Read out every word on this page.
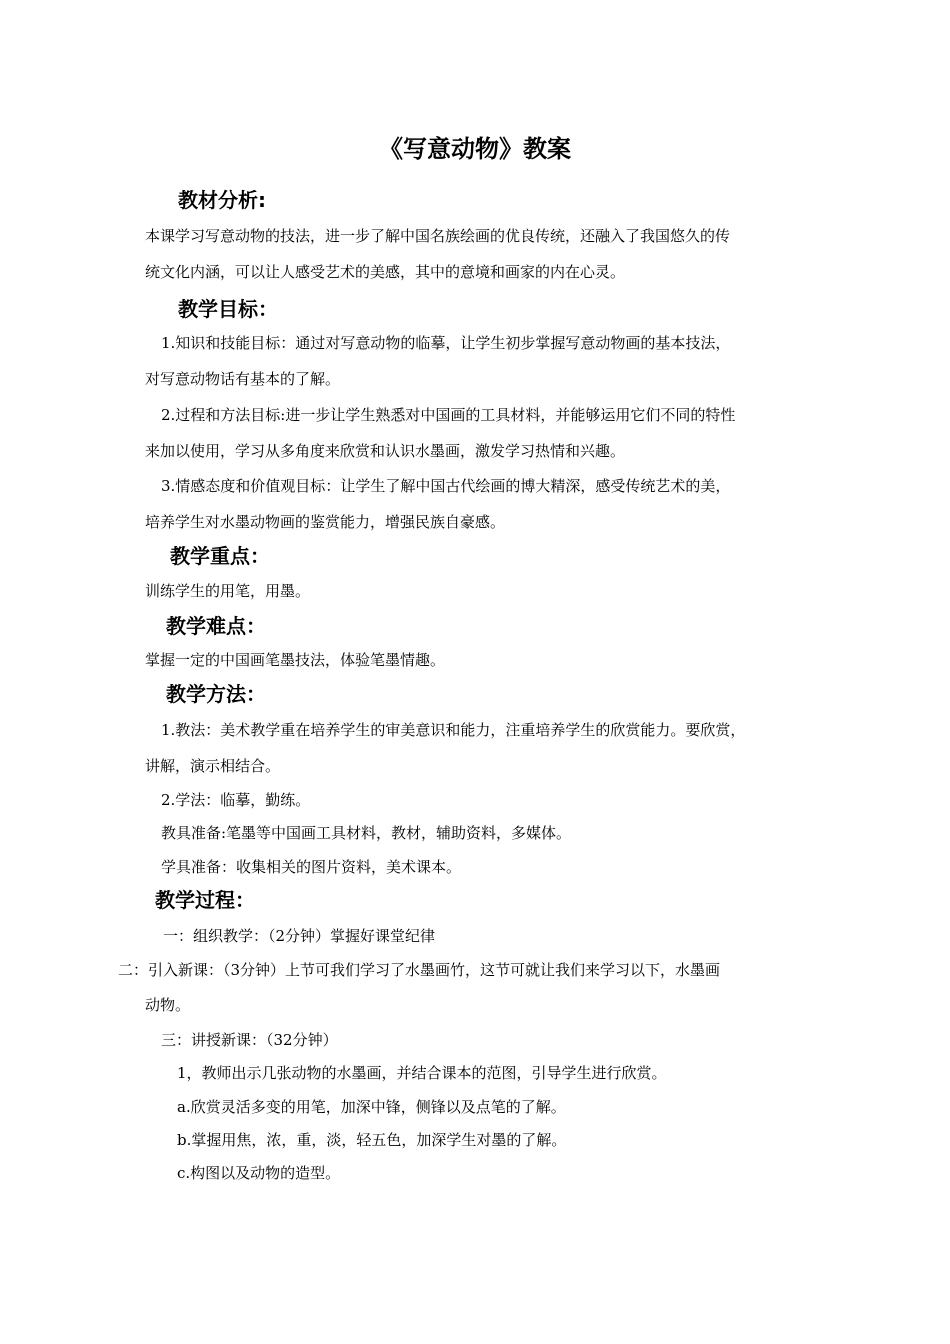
《写意动物》教案
教材分析:
本课学习写意动物的技法，进一步了解中国名族绘画的优良传统，还融入了我国悠久的传
统文化内涵，可以让人感受艺术的美感，其中的意境和画家的内在心灵。
教学目标：
1.知识和技能目标：通过对写意动物的临摹，让学生初步掌握写意动物画的基本技法，
对写意动物话有基本的了解。
2.过程和方法目标:进一步让学生熟悉对中国画的工具材料，并能够运用它们不同的特性
来加以使用，学习从多角度来欣赏和认识水墨画，激发学习热情和兴趣。
3.情感态度和价值观目标：让学生了解中国古代绘画的博大精深，感受传统艺术的美，
培养学生对水墨动物画的鉴赏能力，增强民族自豪感。
教学重点：
训练学生的用笔，用墨。
教学难点：
掌握一定的中国画笔墨技法，体验笔墨情趣。
教学方法：
1.教法：美术教学重在培养学生的审美意识和能力，注重培养学生的欣赏能力。要欣赏，
讲解，演示相结合。
2.学法：临摹，勤练。
教具准备:笔墨等中国画工具材料，教材，辅助资料，多媒体。
学具准备：收集相关的图片资料，美术课本。
教学过程：
一：组织教学：（2分钟）掌握好课堂纪律
二：引入新课：（3分钟）上节可我们学习了水墨画竹，这节可就让我们来学习以下，水墨画
动物。
三：讲授新课：（32分钟）
1，教师出示几张动物的水墨画，并结合课本的范图，引导学生进行欣赏。
a.欣赏灵活多变的用笔，加深中锋，侧锋以及点笔的了解。
b.掌握用焦，浓，重，淡，轻五色，加深学生对墨的了解。
c.构图以及动物的造型。
